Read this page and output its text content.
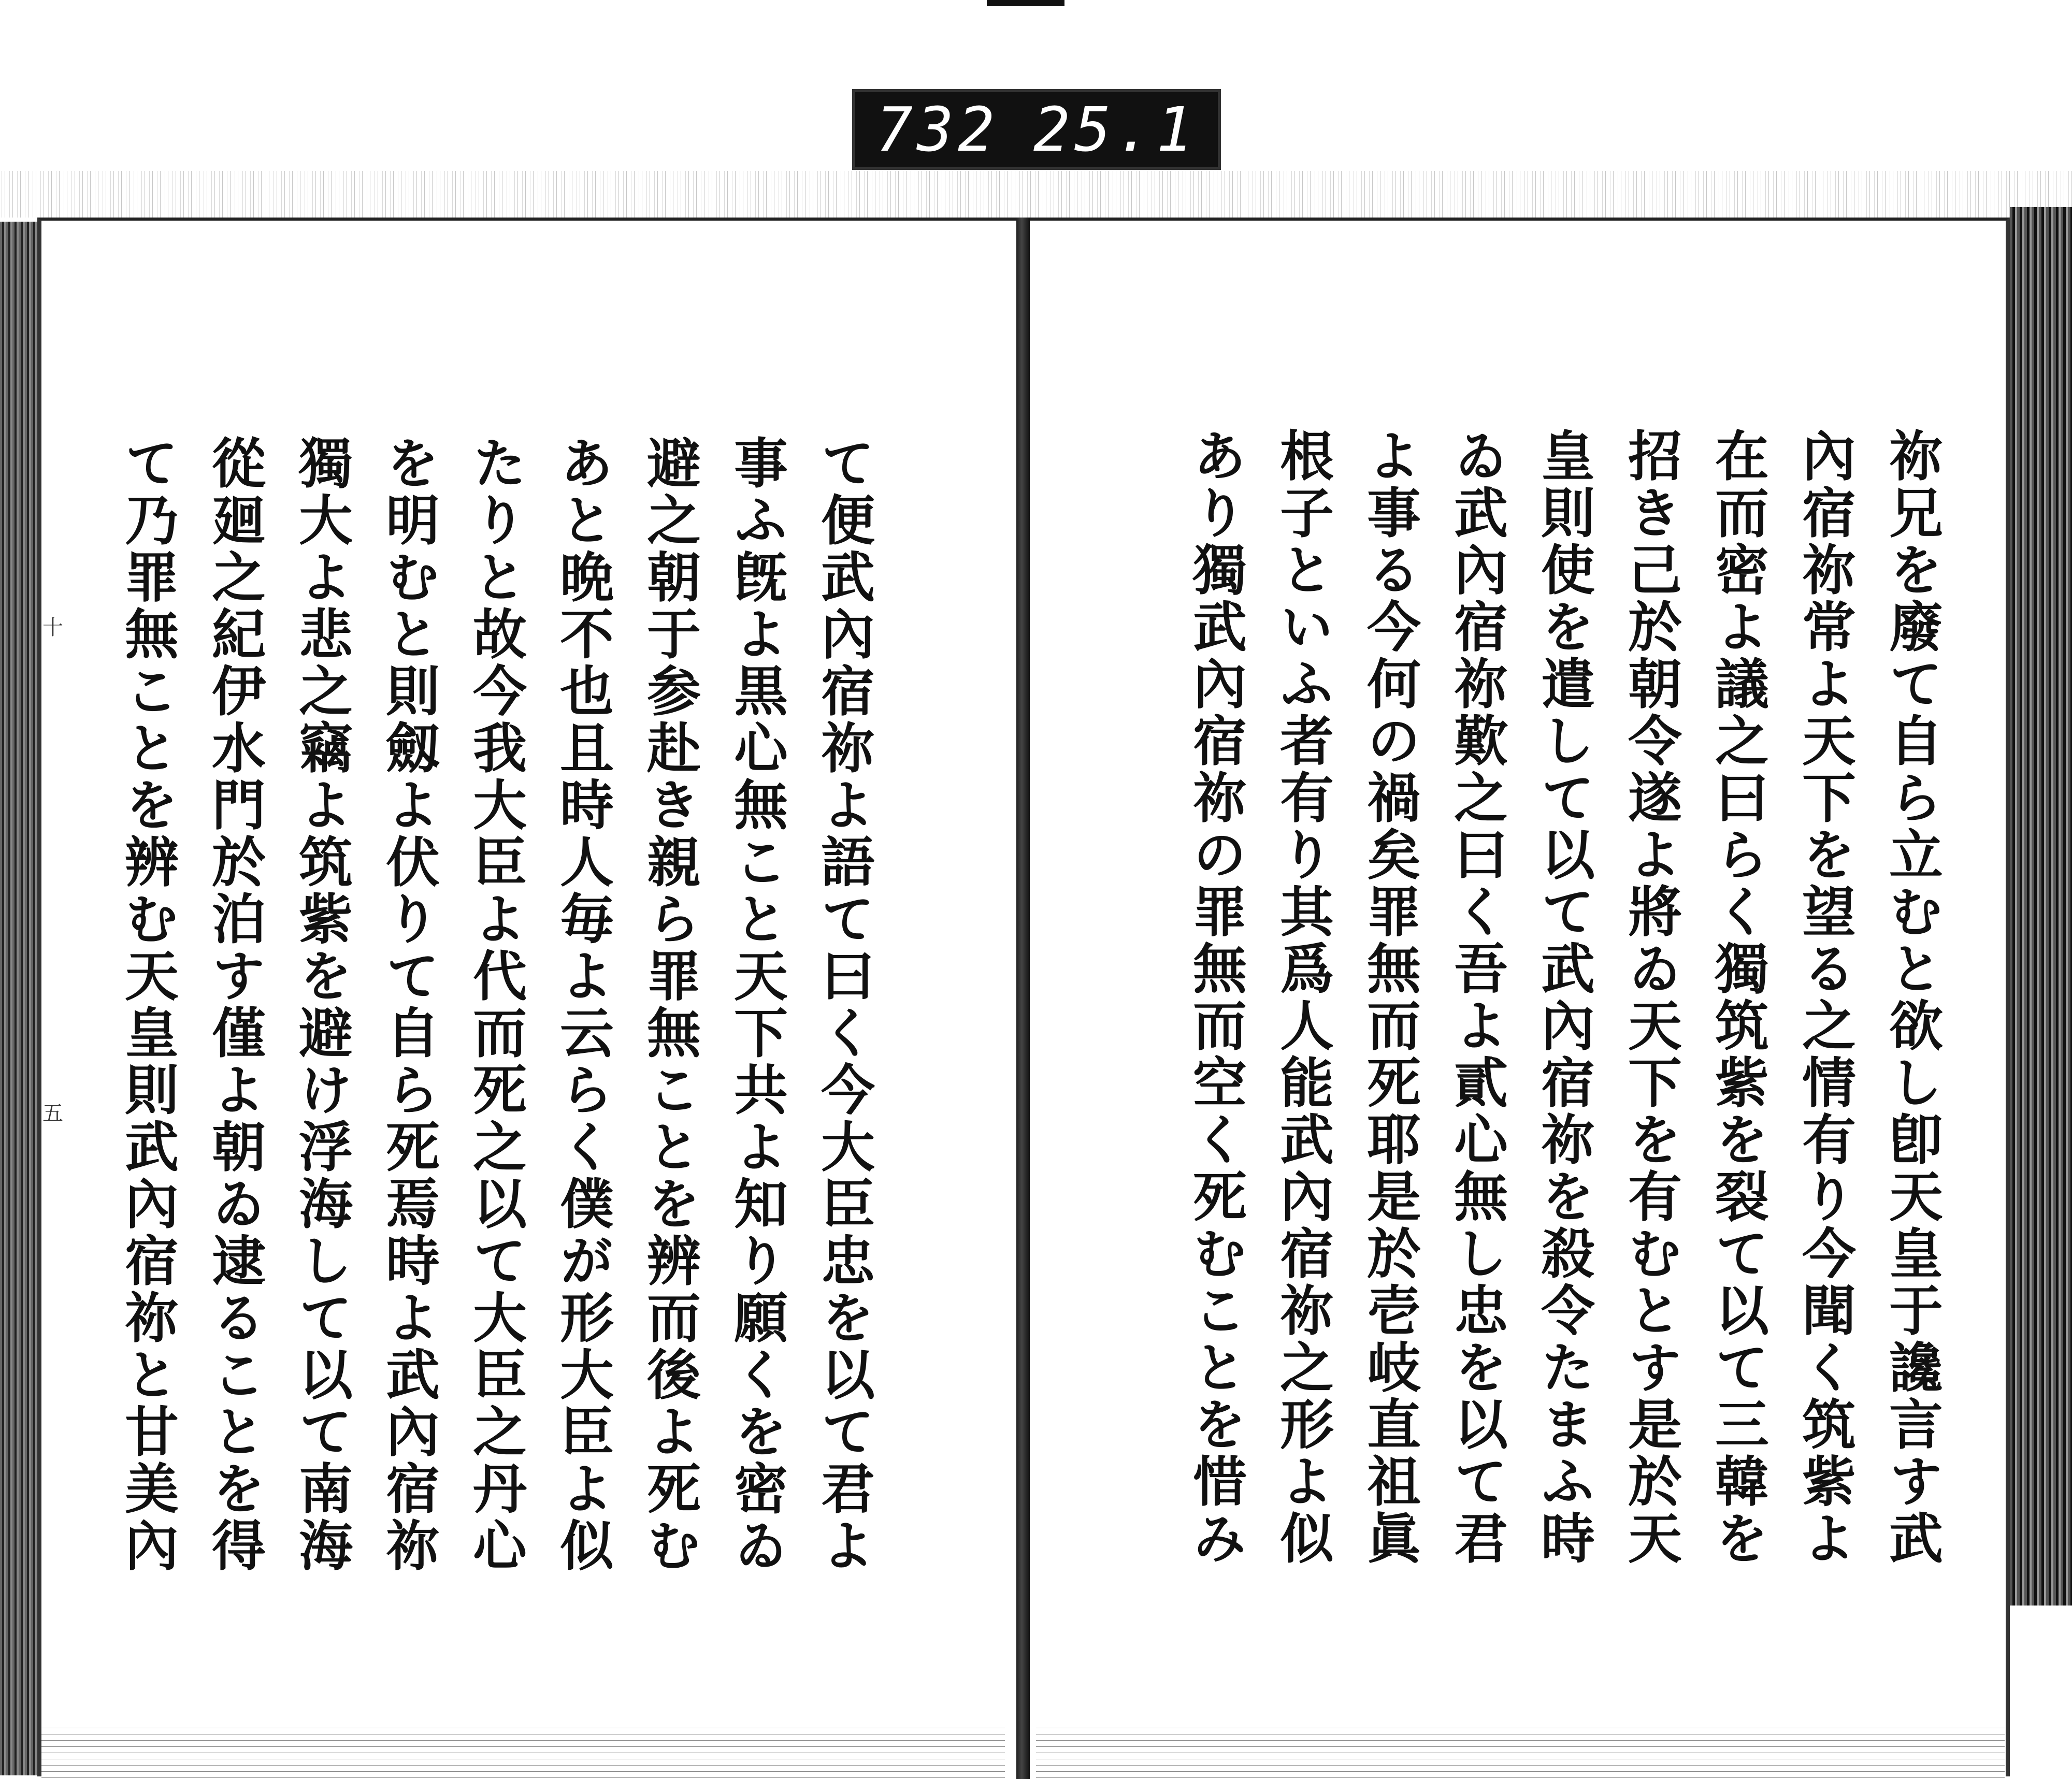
732 25.1
祢兄を廢て自ら立むと欲し卽天皇于讒言す武
內宿祢常よ天下を望る之情有り今聞く筑紫よ
在而密よ議之曰らく獨筑紫を裂て以て三韓を
招き己於朝令遂よ將ゐ天下を有むとす是於天
皇則使を遣して以て武內宿祢を殺令たまふ時
ゐ武內宿祢歎之曰く吾よ貳心無し忠を以て君
よ事る今何の禍矣罪無而死耶是於壱岐直祖眞
根子といふ者有り其爲人能武內宿祢之形よ似
あり獨武內宿祢の罪無而空く死むことを惜み
て便武內宿祢よ語て曰く今大臣忠を以て君よ
事ふ旣よ黒心無こと天下共よ知り願くを密ゐ
避之朝于参赴き親ら罪無ことを辨而後よ死む
あと晩不也且時人毎よ云らく僕が形大臣よ似
たりと故今我大臣よ代而死之以て大臣之丹心
を明むと則劔よ伏りて自ら死焉時よ武內宿祢
獨大よ悲之竊よ筑紫を避け浮海して以て南海
從廻之紀伊水門於泊す僅よ朝ゐ逮ることを得
て乃罪無ことを辨む天皇則武內宿祢と甘美內
十
五
